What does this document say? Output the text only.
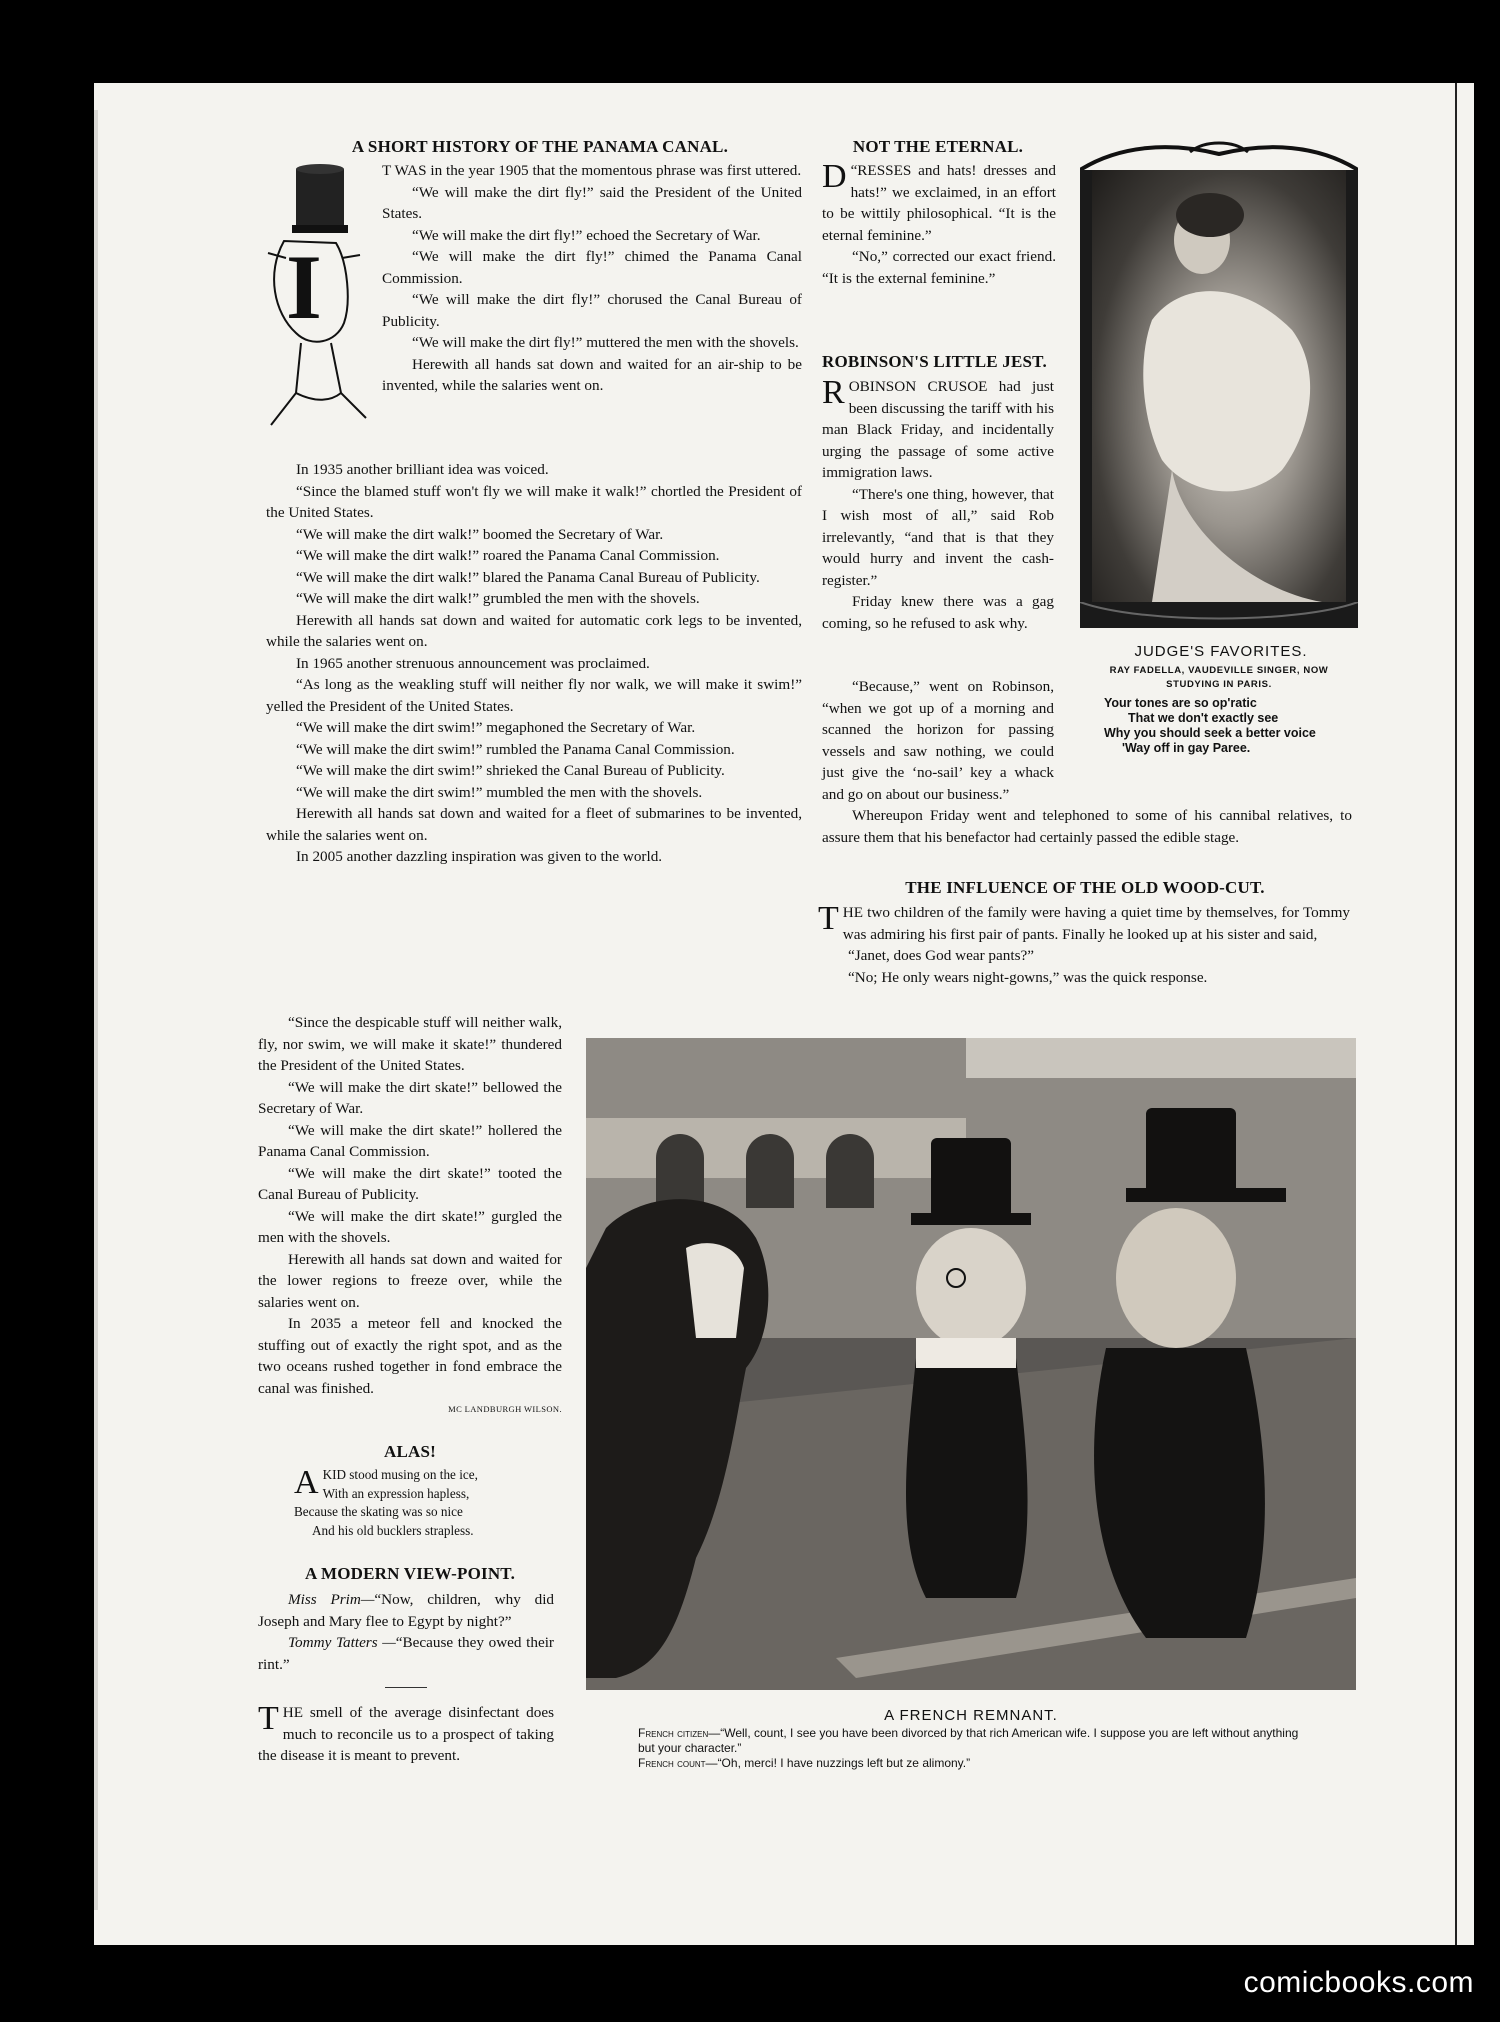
A SHORT HISTORY OF THE PANAMA CANAL.
I

T WAS in the year 1905 that the momentous phrase was first uttered.

“We will make the dirt fly!” said the President of the United States.

“We will make the dirt fly!” echoed the Secretary of War.

“We will make the dirt fly!” chimed the Panama Canal Commission.

“We will make the dirt fly!” chorused the Canal Bureau of Publicity.

“We will make the dirt fly!” muttered the men with the shovels.

Herewith all hands sat down and waited for an air-ship to be invented, while the salaries went on.

In 1935 another brilliant idea was voiced.

“Since the blamed stuff won't fly we will make it walk!” chortled the President of the United States.

“We will make the dirt walk!” boomed the Secretary of War.

“We will make the dirt walk!” roared the Panama Canal Commission.

“We will make the dirt walk!” blared the Panama Canal Bureau of Publicity.

“We will make the dirt walk!” grumbled the men with the shovels.

Herewith all hands sat down and waited for automatic cork legs to be invented, while the salaries went on.

In 1965 another strenuous announcement was proclaimed.

“As long as the weakling stuff will neither fly nor walk, we will make it swim!” yelled the President of the United States.

“We will make the dirt swim!” megaphoned the Secretary of War.

“We will make the dirt swim!” rumbled the Panama Canal Commission.

“We will make the dirt swim!” shrieked the Canal Bureau of Publicity.

“We will make the dirt swim!” mumbled the men with the shovels.

Herewith all hands sat down and waited for a fleet of submarines to be invented, while the salaries went on.

In 2005 another dazzling inspiration was given to the world.

“Since the despicable stuff will neither walk, fly, nor swim, we will make it skate!” thundered the President of the United States.

“We will make the dirt skate!” bellowed the Secretary of War.

“We will make the dirt skate!” hollered the Panama Canal Commission.

“We will make the dirt skate!” tooted the Canal Bureau of Publicity.

“We will make the dirt skate!” gurgled the men with the shovels.

Herewith all hands sat down and waited for the lower regions to freeze over, while the salaries went on.

In 2035 a meteor fell and knocked the stuffing out of exactly the right spot, and as the two oceans rushed together in fond embrace the canal was finished.

MC LANDBURGH WILSON.
ALAS!
A KID stood musing on the ice,
With an expression hapless,
Because the skating was so nice
And his old bucklers strapless.
A MODERN VIEW-POINT.

Miss Prim—“Now, children, why did Joseph and Mary flee to Egypt by night?”

Tommy Tatters —“Because they owed their rint.”

THE smell of the average disinfectant does much to reconcile us to a prospect of taking the disease it is meant to prevent.

NOT THE ETERNAL.

D “RESSES and hats! dresses and hats!” we exclaimed, in an effort to be wittily philosophical. “It is the eternal feminine.”

“No,” corrected our exact friend. “It is the external feminine.”

ROBINSON'S LITTLE JEST.

ROBINSON CRUSOE had just been discussing the tariff with his man Black Friday, and incidentally urging the passage of some active immigration laws.

“There's one thing, however, that I wish most of all,” said Rob irrelevantly, “and that is that they would hurry and invent the cash-register.”

Friday knew there was a gag coming, so he refused to ask why.

“Because,” went on Robinson, “when we got up of a morning and scanned the horizon for passing vessels and saw nothing, we could just give the ‘no-sail’ key a whack and go on about our business.”

Whereupon Friday went and telephoned to some of his cannibal relatives, to assure them that his benefactor had certainly passed the edible stage.

JUDGE'S FAVORITES.
RAY FADELLA, VAUDEVILLE SINGER, NOW
STUDYING IN PARIS.
Your tones are so op'ratic
That we don't exactly see
Why you should seek a better voice
'Way off in gay Paree.
THE INFLUENCE OF THE OLD WOOD-CUT.

THE two children of the family were having a quiet time by themselves, for Tommy was admiring his first pair of pants. Finally he looked up at his sister and said,

“Janet, does God wear pants?”

“No; He only wears night-gowns,” was the quick response.

A FRENCH REMNANT.
French citizen—“Well, count, I see you have been divorced by that rich American wife. I suppose you are left without anything but your character.”
French count—“Oh, merci! I have nuzzings left but ze alimony.”
comicbooks.com
